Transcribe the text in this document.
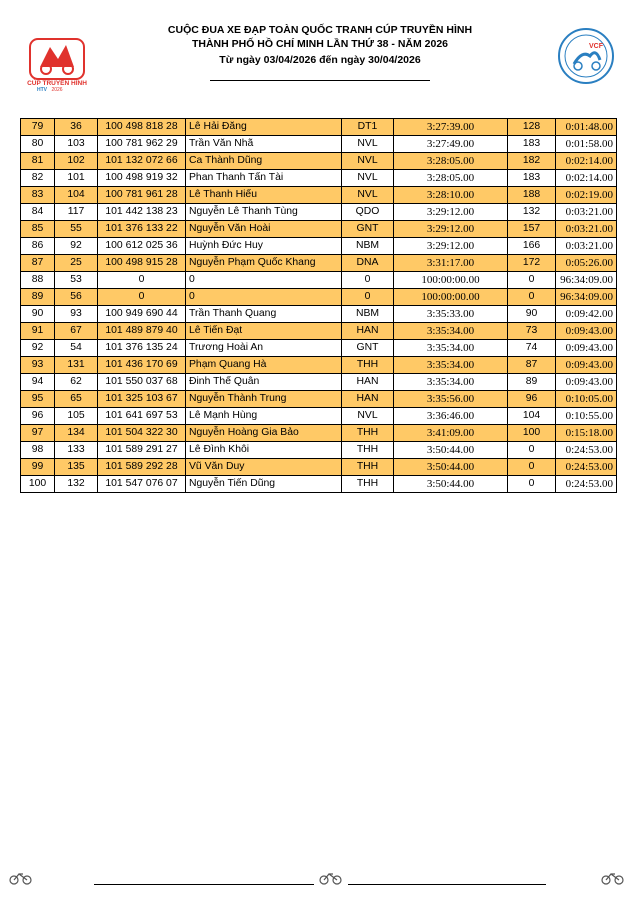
CÚP TRUYỀN HÌNH
2026
HTV
CUỘC ĐUA XE ĐẠP TOÀN QUỐC TRANH CÚP TRUYỀN HÌNH
THÀNH PHỐ HỒ CHÍ MINH LẦN THỨ 38 - NĂM 2026
Từ ngày 03/04/2026 đến ngày 30/04/2026
VCF
79	36	100 498 818 28	Lê Hải Đăng	DT1	3:27:39.00	128	0:01:48.00
80	103	100 781 962 29	Trần Văn Nhã	NVL	3:27:49.00	183	0:01:58.00
81	102	101 132 072 66	Ca Thành Dũng	NVL	3:28:05.00	182	0:02:14.00
82	101	100 498 919 32	Phan Thanh Tấn Tài	NVL	3:28:05.00	183	0:02:14.00
83	104	100 781 961 28	Lê Thanh Hiếu	NVL	3:28:10.00	188	0:02:19.00
84	117	101 442 138 23	Nguyễn Lê Thanh Tùng	QDO	3:29:12.00	132	0:03:21.00
85	55	101 376 133 22	Nguyễn Văn Hoài	GNT	3:29:12.00	157	0:03:21.00
86	92	100 612 025 36	Huỳnh Đức Huy	NBM	3:29:12.00	166	0:03:21.00
87	25	100 498 915 28	Nguyễn Phạm Quốc Khang	DNA	3:31:17.00	172	0:05:26.00
88	53	0	0	0	100:00:00.00	0	96:34:09.00
89	56	0	0	0	100:00:00.00	0	96:34:09.00
90	93	100 949 690 44	Trần Thanh Quang	NBM	3:35:33.00	90	0:09:42.00
91	67	101 489 879 40	Lê Tiến Đạt	HAN	3:35:34.00	73	0:09:43.00
92	54	101 376 135 24	Trương Hoài An	GNT	3:35:34.00	74	0:09:43.00
93	131	101 436 170 69	Phạm Quang Hà	THH	3:35:34.00	87	0:09:43.00
94	62	101 550 037 68	Đinh Thế Quân	HAN	3:35:34.00	89	0:09:43.00
95	65	101 325 103 67	Nguyễn Thành Trung	HAN	3:35:56.00	96	0:10:05.00
96	105	101 641 697 53	Lê Mạnh Hùng	NVL	3:36:46.00	104	0:10:55.00
97	134	101 504 322 30	Nguyễn Hoàng Gia Bảo	THH	3:41:09.00	100	0:15:18.00
98	133	101 589 291 27	Lê Đình Khôi	THH	3:50:44.00	0	0:24:53.00
99	135	101 589 292 28	Vũ Văn Duy	THH	3:50:44.00	0	0:24:53.00
100	132	101 547 076 07	Nguyễn Tiến Dũng	THH	3:50:44.00	0	0:24:53.00
